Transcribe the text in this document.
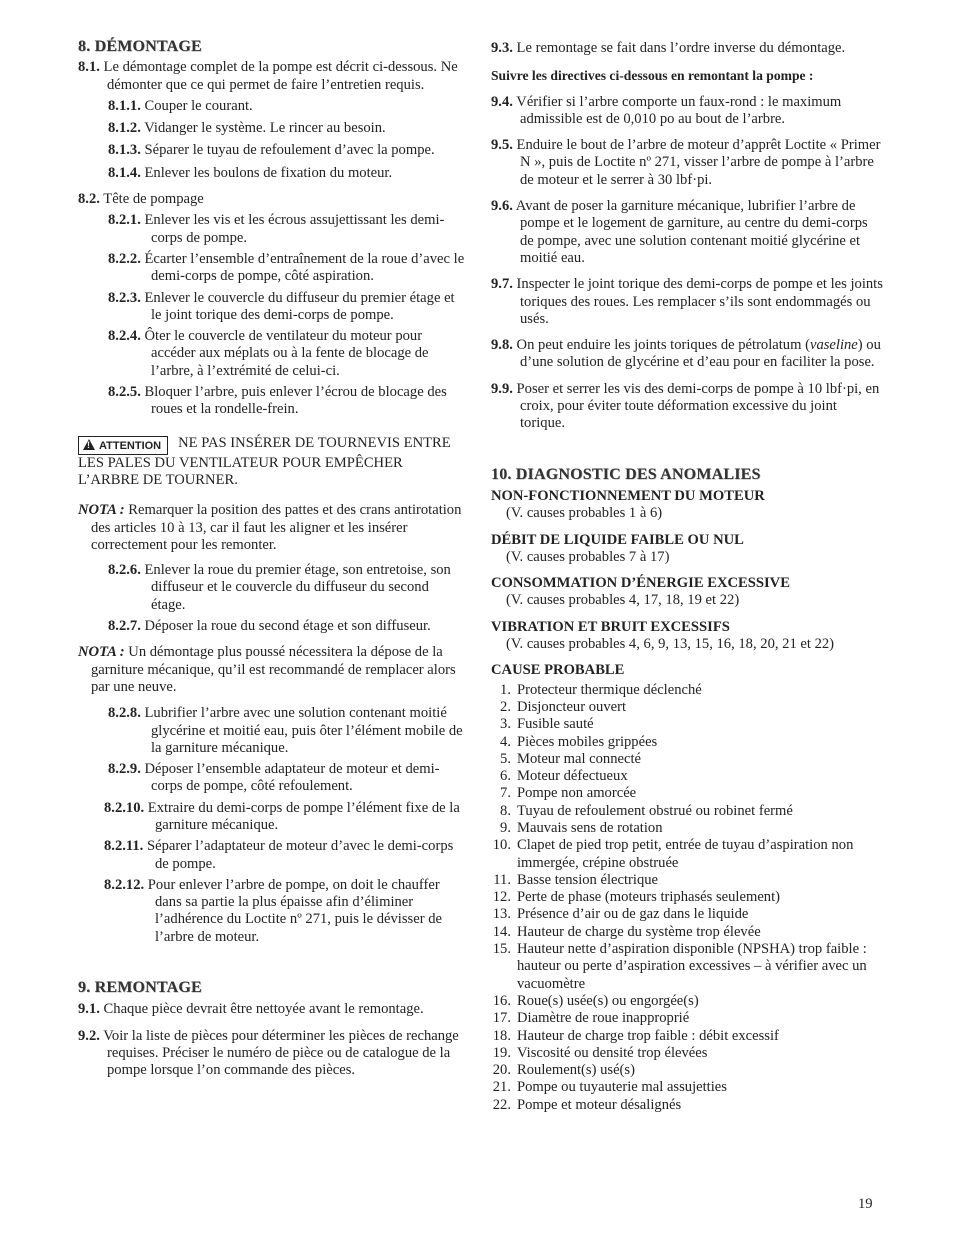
8. DÉMONTAGE

8.1. Le démontage complet de la pompe est décrit ci-dessous. Ne démonter que ce qui permet de faire l’entretien requis.

8.1.1. Couper le courant.

8.1.2. Vidanger le système. Le rincer au besoin.

8.1.3. Séparer le tuyau de refoulement d’avec la pompe.

8.1.4. Enlever les boulons de fixation du moteur.

8.2. Tête de pompage

8.2.1. Enlever les vis et les écrous assujettissant les demi-corps de pompe.

8.2.2. Écarter l’ensemble d’entraînement de la roue d’avec le demi-corps de pompe, côté aspiration.

8.2.3. Enlever le couvercle du diffuseur du premier étage et le joint torique des demi-corps de pompe.

8.2.4. Ôter le couvercle de ventilateur du moteur pour accéder aux méplats ou à la fente de blocage de l’arbre, à l’extrémité de celui-ci.

8.2.5. Bloquer l’arbre, puis enlever l’écrou de blocage des roues et la rondelle-frein.

!ATTENTION NE PAS INSÉRER DE TOURNEVIS ENTRE LES PALES DU VENTILATEUR POUR EMPÊCHER L’ARBRE DE TOURNER.

NOTA : Remarquer la position des pattes et des crans antirotation des articles 10 à 13, car il faut les aligner et les insérer correctement pour les remonter.

8.2.6. Enlever la roue du premier étage, son entretoise, son diffuseur et le couvercle du diffuseur du second étage.

8.2.7. Déposer la roue du second étage et son diffuseur.

NOTA : Un démontage plus poussé nécessitera la dépose de la garniture mécanique, qu’il est recommandé de remplacer alors par une neuve.

8.2.8. Lubrifier l’arbre avec une solution contenant moitié glycérine et moitié eau, puis ôter l’élément mobile de la garniture mécanique.

8.2.9. Déposer l’ensemble adaptateur de moteur et demi-corps de pompe, côté refoulement.

8.2.10. Extraire du demi-corps de pompe l’élément fixe de la garniture mécanique.

8.2.11. Séparer l’adaptateur de moteur d’avec le demi-corps de pompe.

8.2.12. Pour enlever l’arbre de pompe, on doit le chauffer dans sa partie la plus épaisse afin d’éliminer l’adhérence du Loctite nº 271, puis le dévisser de l’arbre de moteur.

9. REMONTAGE

9.1. Chaque pièce devrait être nettoyée avant le remontage.

9.2. Voir la liste de pièces pour déterminer les pièces de rechange requises. Préciser le numéro de pièce ou de catalogue de la pompe lorsque l’on commande des pièces.

9.3. Le remontage se fait dans l’ordre inverse du démontage.

Suivre les directives ci-dessous en remontant la pompe :

9.4. Vérifier si l’arbre comporte un faux-rond : le maximum admissible est de 0,010 po au bout de l’arbre.

9.5. Enduire le bout de l’arbre de moteur d’apprêt Loctite « Primer N », puis de Loctite nº 271, visser l’arbre de pompe à l’arbre de moteur et le serrer à 30 lbf·pi.

9.6. Avant de poser la garniture mécanique, lubrifier l’arbre de pompe et le logement de garniture, au centre du demi-corps de pompe, avec une solution contenant moitié glycérine et moitié eau.

9.7. Inspecter le joint torique des demi-corps de pompe et les joints toriques des roues. Les remplacer s’ils sont endommagés ou usés.

9.8. On peut enduire les joints toriques de pétrolatum (vaseline) ou d’une solution de glycérine et d’eau pour en faciliter la pose.

9.9. Poser et serrer les vis des demi-corps de pompe à 10 lbf·pi, en croix, pour éviter toute déformation excessive du joint torique.

10. DIAGNOSTIC DES ANOMALIES

NON-FONCTIONNEMENT DU MOTEUR

(V. causes probables 1 à 6)

DÉBIT DE LIQUIDE FAIBLE OU NUL

(V. causes probables 7 à 17)

CONSOMMATION D’ÉNERGIE EXCESSIVE

(V. causes probables 4, 17, 18, 19 et 22)

VIBRATION ET BRUIT EXCESSIFS

(V. causes probables 4, 6, 9, 13, 15, 16, 18, 20, 21 et 22)

CAUSE PROBABLE

1. Protecteur thermique déclenché
2. Disjoncteur ouvert
3. Fusible sauté
4. Pièces mobiles grippées
5. Moteur mal connecté
6. Moteur défectueux
7. Pompe non amorcée
8. Tuyau de refoulement obstrué ou robinet fermé
9. Mauvais sens de rotation
10. Clapet de pied trop petit, entrée de tuyau d’aspiration non immergée, crépine obstruée
11. Basse tension électrique
12. Perte de phase (moteurs triphasés seulement)
13. Présence d’air ou de gaz dans le liquide
14. Hauteur de charge du système trop élevée
15. Hauteur nette d’aspiration disponible (NPSHA) trop faible : hauteur ou perte d’aspiration excessives – à vérifier avec un vacuomètre
16. Roue(s) usée(s) ou engorgée(s)
17. Diamètre de roue inapproprié
18. Hauteur de charge trop faible : débit excessif
19. Viscosité ou densité trop élevées
20. Roulement(s) usé(s)
21. Pompe ou tuyauterie mal assujetties
22. Pompe et moteur désalignés
19
